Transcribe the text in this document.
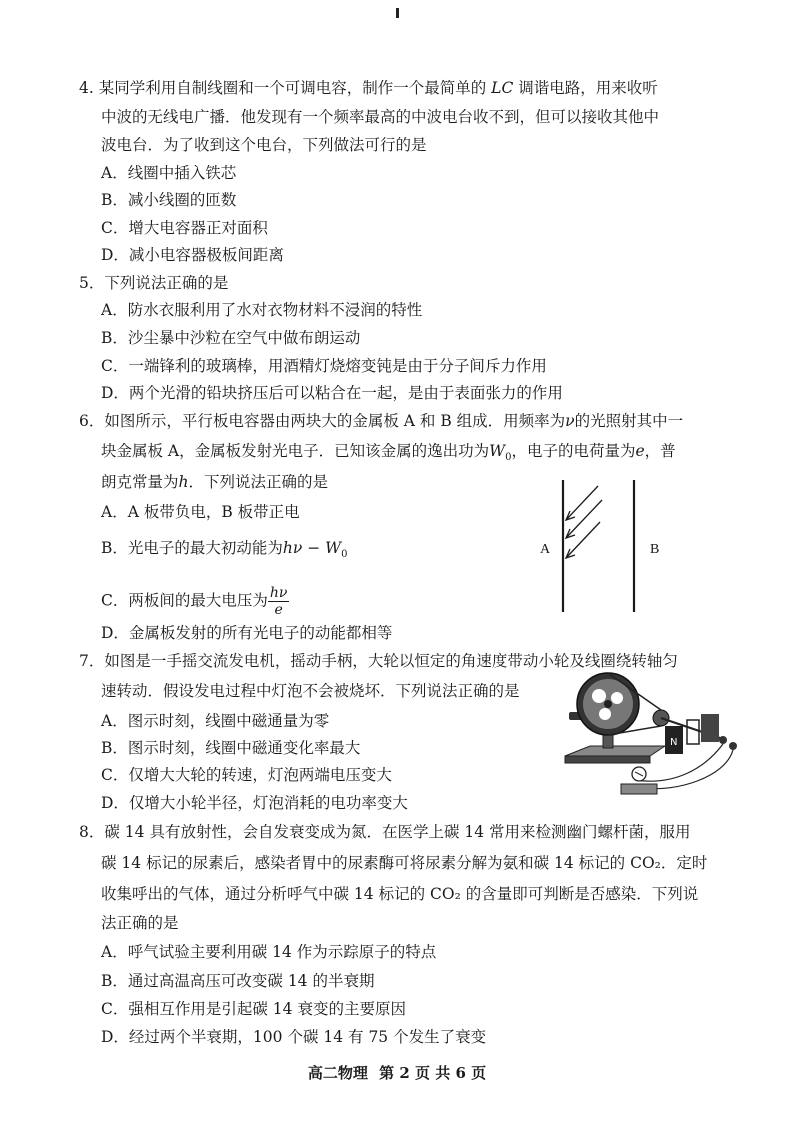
4. 某同学利用自制线圈和一个可调电容，制作一个最简单的 LC 调谐电路，用来收听
中波的无线电广播．他发现有一个频率最高的中波电台收不到，但可以接收其他中
波电台．为了收到这个电台，下列做法可行的是
A．线圈中插入铁芯
B．减小线圈的匝数
C．增大电容器正对面积
D．减小电容器极板间距离
5．下列说法正确的是
A．防水衣服利用了水对衣物材料不浸润的特性
B．沙尘暴中沙粒在空气中做布朗运动
C．一端锋利的玻璃棒，用酒精灯烧熔变钝是由于分子间斥力作用
D．两个光滑的铅块挤压后可以粘合在一起，是由于表面张力的作用
6．如图所示，平行板电容器由两块大的金属板 A 和 B 组成．用频率为ν的光照射其中一
块金属板 A，金属板发射光电子．已知该金属的逸出功为$W_0$，电子的电荷量为e，普
朗克常量为h．下列说法正确的是
A．A 板带负电，B 板带正电
B．光电子的最大初动能为$h\nu - W_0$
C．两板间的最大电压为 $\frac{h\nu}{e}$
D．金属板发射的所有光电子的动能都相等
A	B
7．如图是一手摇交流发电机，摇动手柄，大轮以恒定的角速度带动小轮及线圈绕转轴匀
速转动．假设发电过程中灯泡不会被烧坏．下列说法正确的是
A．图示时刻，线圈中磁通量为零
B．图示时刻，线圈中磁通变化率最大
C．仅增大大轮的转速，灯泡两端电压变大
D．仅增大小轮半径，灯泡消耗的电功率变大
N
8．碳 14 具有放射性，会自发衰变成为氮．在医学上碳 14 常用来检测幽门螺杆菌，服用
碳 14 标记的尿素后，感染者胃中的尿素酶可将尿素分解为氨和碳 14 标记的 CO₂．定时
收集呼出的气体，通过分析呼气中碳 14 标记的 CO₂ 的含量即可判断是否感染．下列说
法正确的是
A．呼气试验主要利用碳 14 作为示踪原子的特点
B．通过高温高压可改变碳 14 的半衰期
C．强相互作用是引起碳 14 衰变的主要原因
D．经过两个半衰期，100 个碳 14 有 75 个发生了衰变
高二物理 第 2 页 共 6 页
